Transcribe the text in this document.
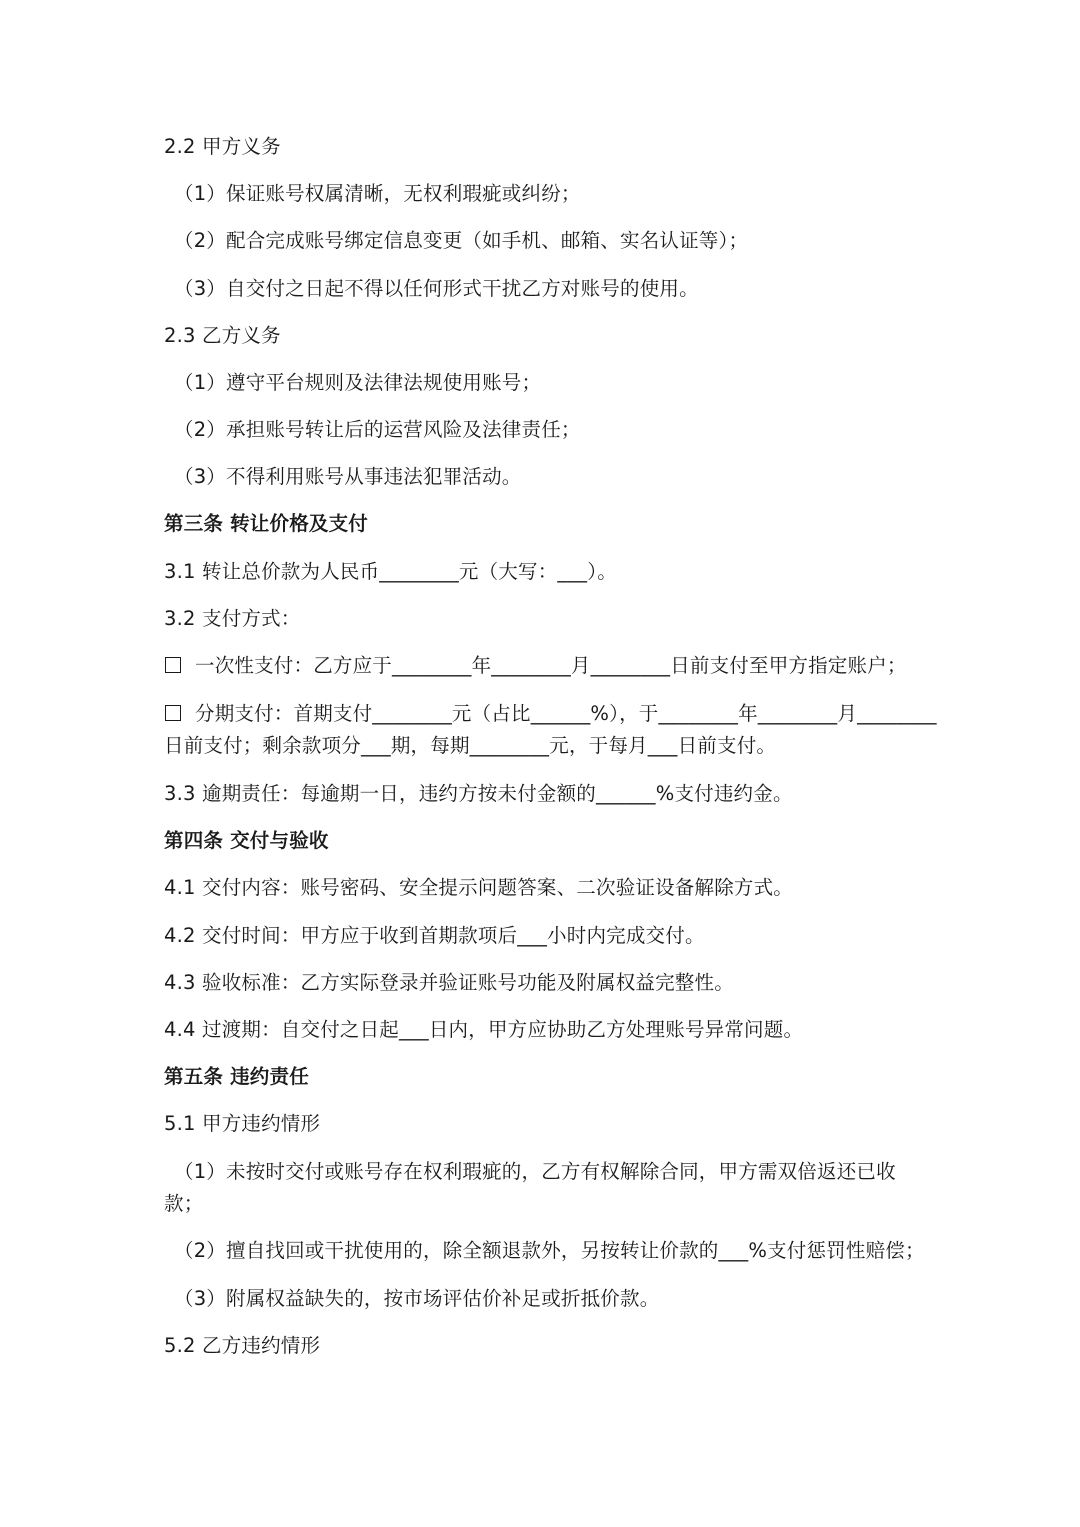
2.2 甲方义务
（1）保证账号权属清晰，无权利瑕疵或纠纷；
（2）配合完成账号绑定信息变更（如手机、邮箱、实名认证等）；
（3）自交付之日起不得以任何形式干扰乙方对账号的使用。
2.3 乙方义务
（1）遵守平台规则及法律法规使用账号；
（2）承担账号转让后的运营风险及法律责任；
（3）不得利用账号从事违法犯罪活动。
第三条 转让价格及支付
3.1 转让总价款为人民币________元（大写：___）。
3.2 支付方式：
一次性支付：乙方应于________年________月________日前支付至甲方指定账户；
分期支付：首期支付________元（占比______%），于________年________月________
日前支付；剩余款项分___期，每期________元，于每月___日前支付。
3.3 逾期责任：每逾期一日，违约方按未付金额的______%支付违约金。
第四条 交付与验收
4.1 交付内容：账号密码、安全提示问题答案、二次验证设备解除方式。
4.2 交付时间：甲方应于收到首期款项后___小时内完成交付。
4.3 验收标准：乙方实际登录并验证账号功能及附属权益完整性。
4.4 过渡期：自交付之日起___日内，甲方应协助乙方处理账号异常问题。
第五条 违约责任
5.1 甲方违约情形
（1）未按时交付或账号存在权利瑕疵的，乙方有权解除合同，甲方需双倍返还已收
款；
（2）擅自找回或干扰使用的，除全额退款外，另按转让价款的___%支付惩罚性赔偿；
（3）附属权益缺失的，按市场评估价补足或折抵价款。
5.2 乙方违约情形
